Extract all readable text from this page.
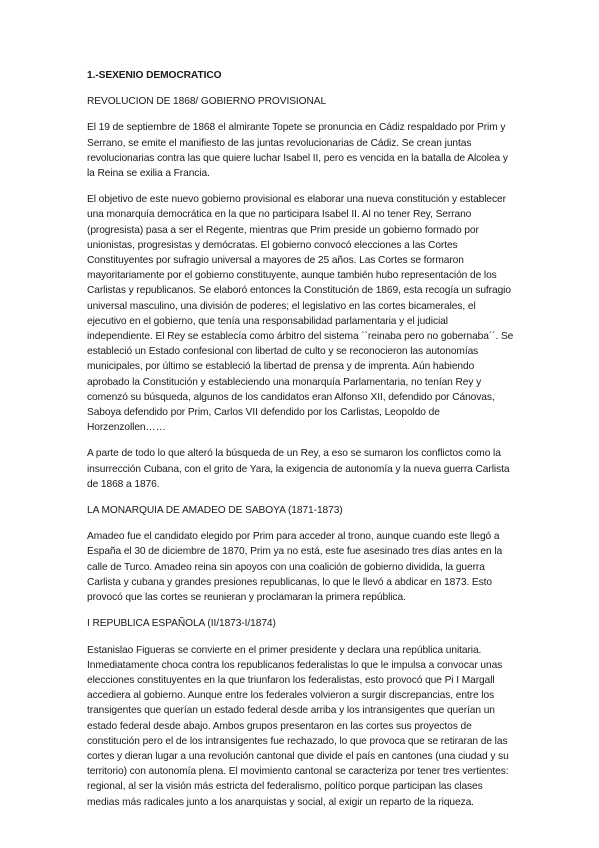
1.-SEXENIO DEMOCRATICO
REVOLUCION DE 1868/ GOBIERNO PROVISIONAL
El 19 de septiembre de 1868 el almirante Topete se pronuncia en Cádiz respaldado por Prim y Serrano, se emite el manifiesto de las juntas revolucionarias de Cádiz. Se crean juntas revolucionarias contra las que quiere luchar Isabel II, pero es vencida en la batalla de Alcolea y la Reina se exilia a Francia.
El objetivo de este nuevo gobierno provisional es elaborar una nueva constitución y establecer una monarquía democrática en la que no participara Isabel II. Al no tener Rey, Serrano (progresista) pasa a ser el Regente, mientras que Prim preside un gobierno formado por unionistas, progresistas y demócratas. El gobierno convocó elecciones a las Cortes Constituyentes por sufragio universal a mayores de 25 años. Las Cortes se formaron mayoritariamente por el gobierno constituyente, aunque también hubo representación de los Carlistas y republicanos. Se elaboró entonces la Constitución de 1869, esta recogía un sufragio universal masculino, una división de poderes; el legislativo en las cortes bicamerales, el ejecutivo en el gobierno, que tenía una responsabilidad parlamentaria y el judicial independiente. El Rey se establecía como árbitro del sistema ``reinaba pero no gobernaba´´. Se estableció un Estado confesional con libertad de culto y se reconocieron las autonomías municipales, por último se estableció la libertad de prensa y de imprenta. Aún habiendo aprobado la Constitución y estableciendo una monarquía Parlamentaria, no tenían Rey y comenzó su búsqueda, algunos de los candidatos eran Alfonso XII, defendido por Cánovas, Saboya defendido por Prim, Carlos VII defendido por los Carlistas, Leopoldo de Horzenzollen……
A parte de todo lo que alteró la búsqueda de un Rey, a eso se sumaron los conflictos como la insurrección Cubana, con el grito de Yara, la exigencia de autonomía y la nueva guerra Carlista de 1868 a 1876.
LA MONARQUIA DE AMADEO DE SABOYA (1871-1873)
Amadeo fue el candidato elegido por Prim para acceder al trono, aunque cuando este llegó a España el 30 de diciembre de 1870, Prim ya no está, este fue asesinado tres días antes en la calle de Turco. Amadeo reina sin apoyos con una coalición de gobierno dividida, la guerra Carlista y cubana y grandes presiones republicanas, lo que le llevó a abdicar en 1873. Esto provocó que las cortes se reunieran y proclamaran la primera república.
I REPUBLICA ESPAÑOLA (II/1873-I/1874)
Estanislao Figueras se convierte en el primer presidente y declara una república unitaria. Inmediatamente choca contra los republicanos federalistas lo que le impulsa a convocar unas elecciones constituyentes en la que triunfaron los federalistas, esto provocó que Pi I Margall accediera al gobierno. Aunque entre los federales volvieron a surgir discrepancias, entre los transigentes que querían un estado federal desde arriba y los intransigentes que querían un estado federal desde abajo. Ambos grupos presentaron en las cortes sus proyectos de constitución pero el de los intransigentes fue rechazado, lo que provoca que se retiraran de las cortes y dieran lugar a una revolución cantonal que divide el país en cantones (una ciudad y su territorio) con autonomía plena. El movimiento cantonal se caracteriza por tener tres vertientes: regional, al ser la visión más estricta del federalismo, político porque participan las clases medias más radicales junto a los anarquistas y social, al exigir un reparto de la riqueza.
